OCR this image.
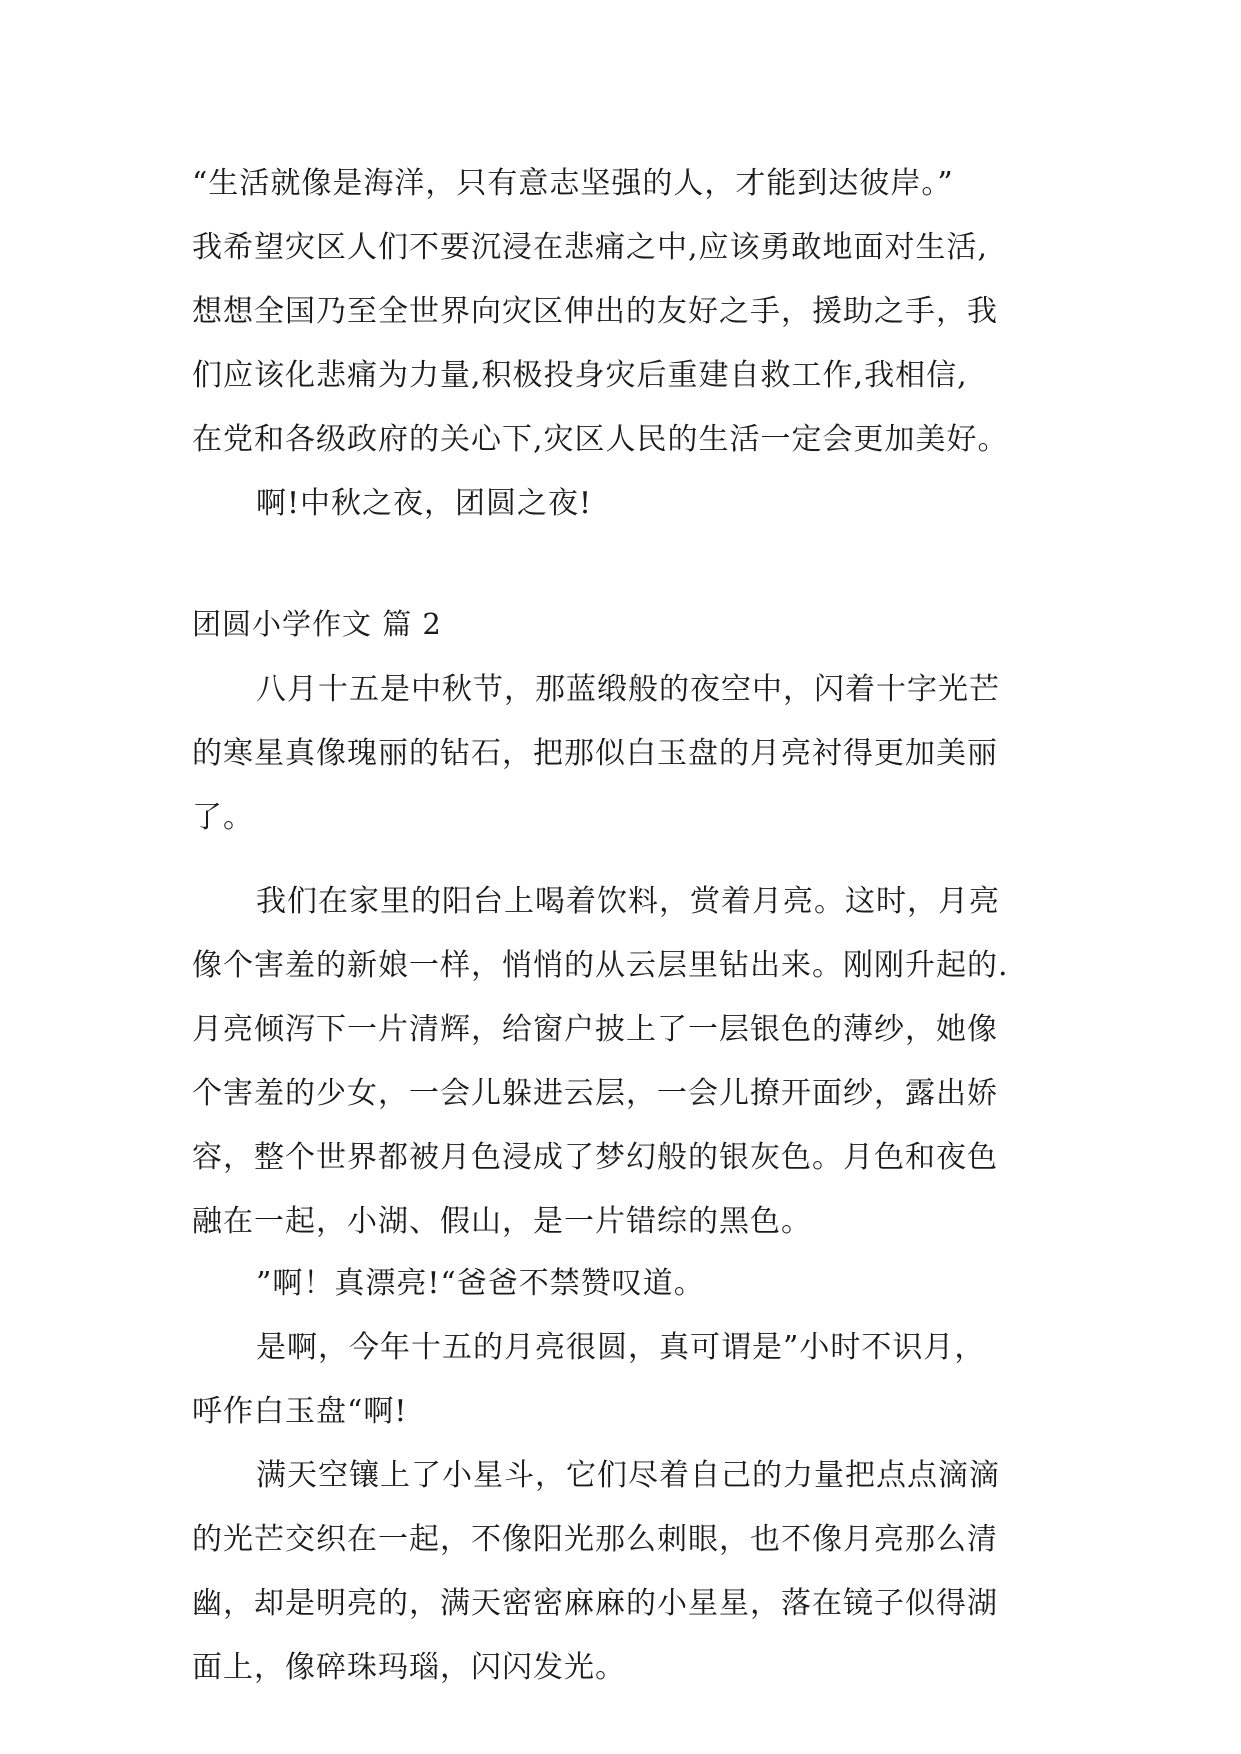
“生活就像是海洋，只有意志坚强的人，才能到达彼岸。”
我希望灾区人们不要沉浸在悲痛之中,应该勇敢地面对生活,
想想全国乃至全世界向灾区伸出的友好之手，援助之手，我
们应该化悲痛为力量,积极投身灾后重建自救工作,我相信,
在党和各级政府的关心下,灾区人民的生活一定会更加美好。
啊!中秋之夜，团圆之夜!
团圆小学作文 篇 2
八月十五是中秋节，那蓝缎般的夜空中，闪着十字光芒
的寒星真像瑰丽的钻石，把那似白玉盘的月亮衬得更加美丽
了。
我们在家里的阳台上喝着饮料，赏着月亮。这时，月亮
像个害羞的新娘一样，悄悄的从云层里钻出来。刚刚升起的.
月亮倾泻下一片清辉，给窗户披上了一层银色的薄纱，她像
个害羞的少女，一会儿躲进云层，一会儿撩开面纱，露出娇
容，整个世界都被月色浸成了梦幻般的银灰色。月色和夜色
融在一起，小湖、假山，是一片错综的黑色。
”啊！真漂亮!“爸爸不禁赞叹道。
是啊，今年十五的月亮很圆，真可谓是”小时不识月，
呼作白玉盘“啊!
满天空镶上了小星斗，它们尽着自己的力量把点点滴滴
的光芒交织在一起，不像阳光那么刺眼，也不像月亮那么清
幽，却是明亮的，满天密密麻麻的小星星，落在镜子似得湖
面上，像碎珠玛瑙，闪闪发光。
